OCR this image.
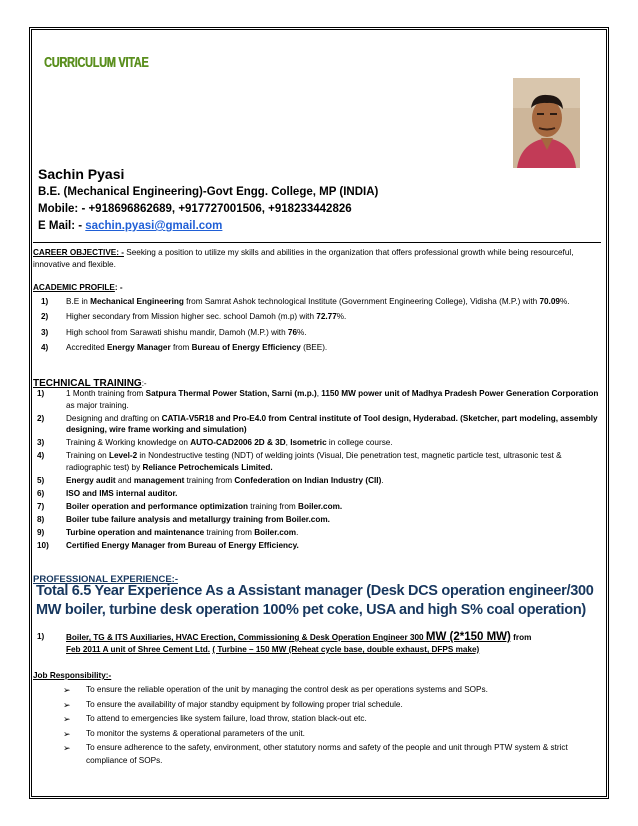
CURRICULUM VITAE
Sachin Pyasi
B.E. (Mechanical Engineering)-Govt Engg. College, MP (INDIA)
Mobile: - +918696862689, +917727001506, +918233442826
E Mail: - sachin.pyasi@gmail.com
CAREER OBJECTIVE: - Seeking a position to utilize my skills and abilities in the organization that offers professional growth while being resourceful, innovative and flexible.
ACADEMIC PROFILE: -
1) B.E in Mechanical Engineering from Samrat Ashok technological Institute (Government Engineering College), Vidisha (M.P.) with 70.09%.
2) Higher secondary from Mission higher sec. school Damoh (m.p) with 72.77%.
3) High school from Sarawati shishu mandir, Damoh (M.P.) with 76%.
4) Accredited Energy Manager from Bureau of Energy Efficiency (BEE).
TECHNICAL TRAINING:-
1)	1 Month training from Satpura Thermal Power Station, Sarni (m.p.), 1150 MW power unit of Madhya Pradesh Power Generation Corporation as major training.
2)	Designing and drafting on CATIA-V5R18 and Pro-E4.0 from Central institute of Tool design, Hyderabad. (Sketcher, part modeling, assembly designing, wire frame working and simulation)
3)	Training & Working knowledge on AUTO-CAD2006 2D & 3D, Isometric in college course.
4)	Training on Level-2 in Nondestructive testing (NDT) of welding joints (Visual, Die penetration test, magnetic particle test, ultrasonic test & radiographic test) by Reliance Petrochemicals Limited.
5)	Energy audit and management training from Confederation on Indian Industry (CII).
6)	ISO and IMS internal auditor.
7)	Boiler operation and performance optimization training from Boiler.com.
8)	Boiler tube failure analysis and metallurgy training from Boiler.com.
9)	Turbine operation and maintenance training from Boiler.com.
10) Certified Energy Manager from Bureau of Energy Efficiency.
PROFESSIONAL EXPERIENCE:-
Total 6.5 Year Experience As a Assistant manager (Desk DCS operation engineer/300 MW boiler, turbine desk operation 100% pet coke, USA and high S% coal operation)
1)	Boiler, TG & ITS Auxiliaries, HVAC Erection, Commissioning & Desk Operation Engineer 300 MW (2*150 MW) from
Feb 2011 A unit of Shree Cement Ltd. ( Turbine – 150 MW (Reheat cycle base, double exhaust, DFPS make)
Job Responsibility:-
➢ To ensure the reliable operation of the unit by managing the control desk as per operations systems and SOPs.
➢ To ensure the availability of major standby equipment by following proper trial schedule.
➢ To attend to emergencies like system failure, load throw, station black-out etc.
➢ To monitor the systems & operational parameters of the unit.
➢ To ensure adherence to the safety, environment, other statutory norms and safety of the people and unit through PTW system & strict compliance of SOPs.
